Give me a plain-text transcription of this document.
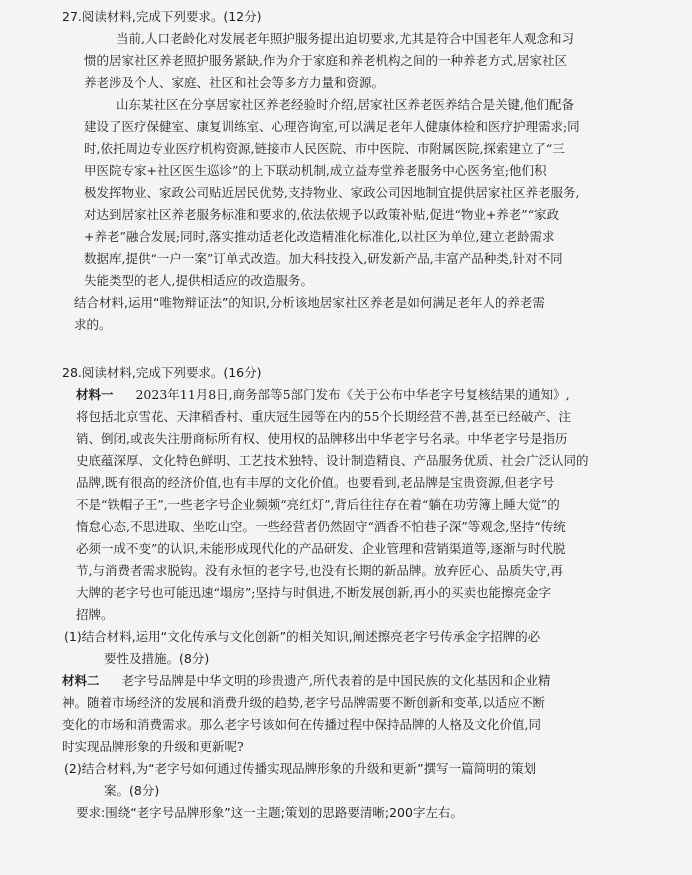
27.阅读材料,完成下列要求。(12分)
当前,人口老龄化对发展老年照护服务提出迫切要求,尤其是符合中国老年人观念和习
惯的居家社区养老照护服务紧缺,作为介于家庭和养老机构之间的一种养老方式,居家社区
养老涉及个人、家庭、社区和社会等多方力量和资源。
山东某社区在分享居家社区养老经验时介绍,居家社区养老医养结合是关键,他们配备
建设了医疗保健室、康复训练室、心理咨询室,可以满足老年人健康体检和医疗护理需求;同
时,依托周边专业医疗机构资源,链接市人民医院、市中医院、市附属医院,探索建立了“三
甲医院专家+社区医生巡诊”的上下联动机制,成立益寿堂养老服务中心医务室;他们积
极发挥物业、家政公司贴近居民优势,支持物业、家政公司因地制宜提供居家社区养老服务,
对达到居家社区养老服务标准和要求的,依法依规予以政策补贴,促进“物业+养老”“家政
+养老”融合发展;同时,落实推动适老化改造精准化标准化,以社区为单位,建立老龄需求
数据库,提供“一户一案”订单式改造。加大科技投入,研发新产品,丰富产品种类,针对不同
失能类型的老人,提供相适应的改造服务。
结合材料,运用“唯物辩证法”的知识,分析该地居家社区养老是如何满足老年人的养老需
求的。
28.阅读材料,完成下列要求。(16分)
材料一 2023年11月8日,商务部等5部门发布《关于公布中华老字号复核结果的通知》,
将包括北京雪花、天津稻香村、重庆冠生园等在内的55个长期经营不善,甚至已经破产、注
销、倒闭,或丧失注册商标所有权、使用权的品牌移出中华老字号名录。中华老字号是指历
史底蕴深厚、文化特色鲜明、工艺技术独特、设计制造精良、产品服务优质、社会广泛认同的
品牌,既有很高的经济价值,也有丰厚的文化价值。也要看到,老品牌是宝贵资源,但老字号
不是“铁帽子王”,一些老字号企业频频“亮红灯”,背后往往存在着“躺在功劳簿上睡大觉”的
惰怠心态,不思进取、坐吃山空。一些经营者仍然固守“酒香不怕巷子深”等观念,坚持“传统
必须一成不变”的认识,未能形成现代化的产品研发、企业管理和营销渠道等,逐渐与时代脱
节,与消费者需求脱钩。没有永恒的老字号,也没有长期的新品牌。放弃匠心、品质失守,再
大牌的老字号也可能迅速“塌房”;坚持与时俱进,不断发展创新,再小的买卖也能擦亮金字
招牌。
(1)结合材料,运用“文化传承与文化创新”的相关知识,阐述擦亮老字号传承金字招牌的必
要性及措施。(8分)
材料二 老字号品牌是中华文明的珍贵遗产,所代表着的是中国民族的文化基因和企业精
神。随着市场经济的发展和消费升级的趋势,老字号品牌需要不断创新和变革,以适应不断
变化的市场和消费需求。那么老字号该如何在传播过程中保持品牌的人格及文化价值,同
时实现品牌形象的升级和更新呢?
(2)结合材料,为“老字号如何通过传播实现品牌形象的升级和更新”撰写一篇简明的策划
案。(8分)
要求:围绕“老字号品牌形象”这一主题;策划的思路要清晰;200字左右。
